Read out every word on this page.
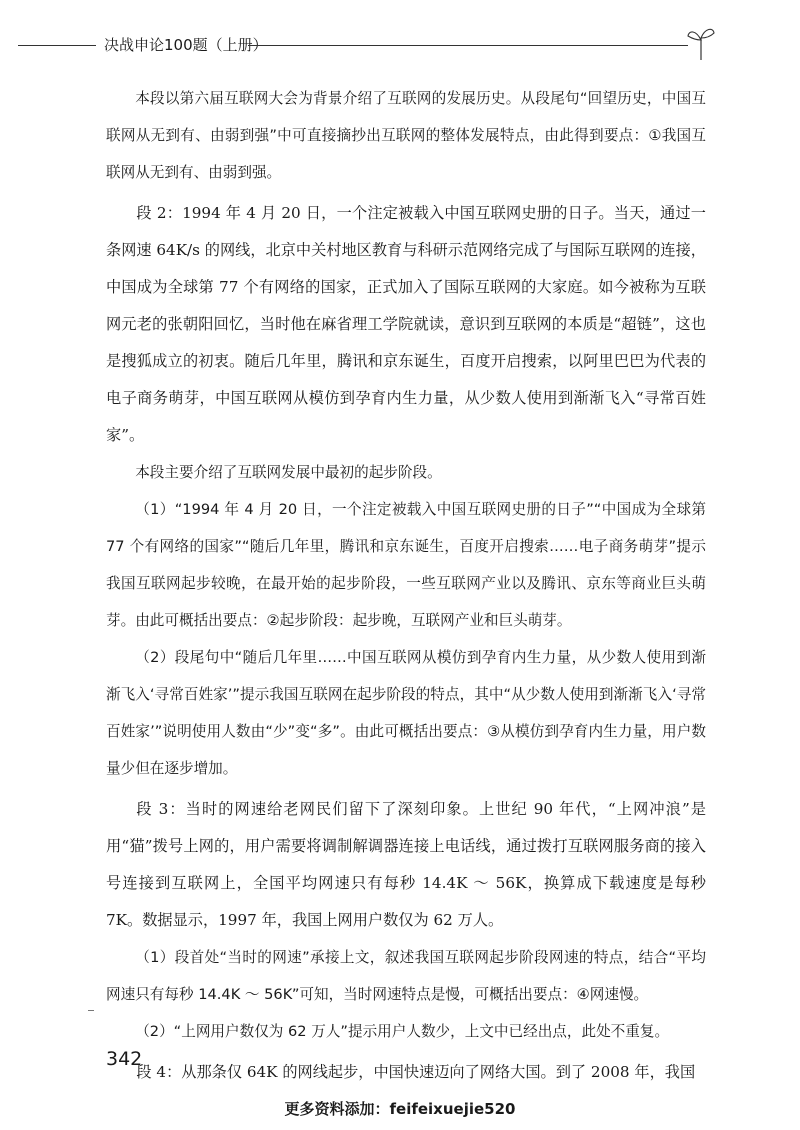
决战申论100题（上册）

本段以第六届互联网大会为背景介绍了互联网的发展历史。从段尾句“回望历史，中国互联网从无到有、由弱到强”中可直接摘抄出互联网的整体发展特点，由此得到要点：①我国互联网从无到有、由弱到强。

段 2：1994 年 4 月 20 日，一个注定被载入中国互联网史册的日子。当天，通过一条网速 64K/s 的网线，北京中关村地区教育与科研示范网络完成了与国际互联网的连接，中国成为全球第 77 个有网络的国家，正式加入了国际互联网的大家庭。如今被称为互联网元老的张朝阳回忆，当时他在麻省理工学院就读，意识到互联网的本质是“超链”，这也是搜狐成立的初衷。随后几年里，腾讯和京东诞生，百度开启搜索，以阿里巴巴为代表的电子商务萌芽，中国互联网从模仿到孕育内生力量，从少数人使用到渐渐飞入“寻常百姓家”。

本段主要介绍了互联网发展中最初的起步阶段。

（1）“1994 年 4 月 20 日，一个注定被载入中国互联网史册的日子”“中国成为全球第 77 个有网络的国家”“随后几年里，腾讯和京东诞生，百度开启搜索……电子商务萌芽”提示我国互联网起步较晚，在最开始的起步阶段，一些互联网产业以及腾讯、京东等商业巨头萌芽。由此可概括出要点：②起步阶段：起步晚，互联网产业和巨头萌芽。

（2）段尾句中“随后几年里……中国互联网从模仿到孕育内生力量，从少数人使用到渐渐飞入‘寻常百姓家’”提示我国互联网在起步阶段的特点，其中“从少数人使用到渐渐飞入‘寻常百姓家’”说明使用人数由“少”变“多”。由此可概括出要点：③从模仿到孕育内生力量，用户数量少但在逐步增加。

段 3：当时的网速给老网民们留下了深刻印象。上世纪 90 年代，“上网冲浪”是用“猫”拨号上网的，用户需要将调制解调器连接上电话线，通过拨打互联网服务商的接入号连接到互联网上，全国平均网速只有每秒 14.4K ～ 56K，换算成下载速度是每秒 7K。数据显示，1997 年，我国上网用户数仅为 62 万人。

（1）段首处“当时的网速”承接上文，叙述我国互联网起步阶段网速的特点，结合“平均网速只有每秒 14.4K ～ 56K”可知，当时网速特点是慢，可概括出要点：④网速慢。

（2）“上网用户数仅为 62 万人”提示用户人数少，上文中已经出点，此处不重复。

段 4：从那条仅 64K 的网线起步，中国快速迈向了网络大国。到了 2008 年，我国

342
更多资料添加：feifeixuejie520
